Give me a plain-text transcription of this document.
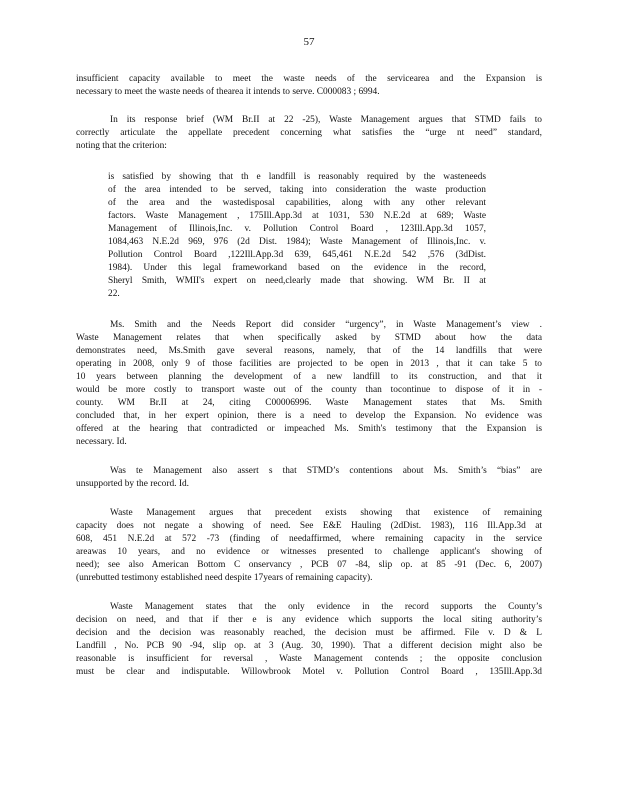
57
insufficient capacity available to meet the waste needs of the servicearea and the Expansion is
necessary to meet the waste needs of thearea it intends to serve. C000083 ; 6994.
In its response brief (WM Br.II at 22 -25), Waste Management argues that STMD fails to
correctly articulate the appellate precedent concerning what satisfies the “urge nt need” standard,
noting that the criterion:
is satisfied by showing that th e landfill is reasonably required by the wasteneeds
of the area intended to be served, taking into consideration the waste production
of the area and the wastedisposal capabilities, along with any other relevant
factors. Waste Management , 175Ill.App.3d at 1031, 530 N.E.2d at 689; Waste
Management of Illinois,Inc. v. Pollution Control Board , 123Ill.App.3d 1057,
1084,463 N.E.2d 969, 976 (2d Dist. 1984); Waste Management of Illinois,Inc. v.
Pollution Control Board ,122Ill.App.3d 639, 645,461 N.E.2d 542 ,576 (3dDist.
1984). Under this legal frameworkand based on the evidence in the record,
Sheryl Smith, WMII's expert on need,clearly made that showing. WM Br. II at
22.
Ms. Smith and the Needs Report did consider “urgency”, in Waste Management’s view .
Waste Management relates that when specifically asked by STMD about how the data
demonstrates need, Ms.Smith gave several reasons, namely, that of the 14 landfills that were
operating in 2008, only 9 of those facilities are projected to be open in 2013 , that it can take 5 to
10 years between planning the development of a new landfill to its construction, and that it
would be more costly to transport waste out of the county than tocontinue to dispose of it in -
county. WM Br.II at 24, citing C00006996. Waste Management states that Ms. Smith
concluded that, in her expert opinion, there is a need to develop the Expansion. No evidence was
offered at the hearing that contradicted or impeached Ms. Smith's testimony that the Expansion is
necessary. Id.
Was te Management also assert s that STMD’s contentions about Ms. Smith’s “bias” are
unsupported by the record. Id.
Waste Management argues that precedent exists showing that existence of remaining
capacity does not negate a showing of need. See E&E Hauling (2dDist. 1983), 116 Ill.App.3d at
608, 451 N.E.2d at 572 -73 (finding of needaffirmed, where remaining capacity in the service
areawas 10 years, and no evidence or witnesses presented to challenge applicant's showing of
need); see also American Bottom C onservancy , PCB 07 -84, slip op. at 85 -91 (Dec. 6, 2007)
(unrebutted testimony established need despite 17years of remaining capacity).
Waste Management states that the only evidence in the record supports the County’s
decision on need, and that if ther e is any evidence which supports the local siting authority’s
decision and the decision was reasonably reached, the decision must be affirmed. File v. D & L
Landfill , No. PCB 90 -94, slip op. at 3 (Aug. 30, 1990). That a different decision might also be
reasonable is insufficient for reversal , Waste Management contends ; the opposite conclusion
must be clear and indisputable. Willowbrook Motel v. Pollution Control Board , 135Ill.App.3d
